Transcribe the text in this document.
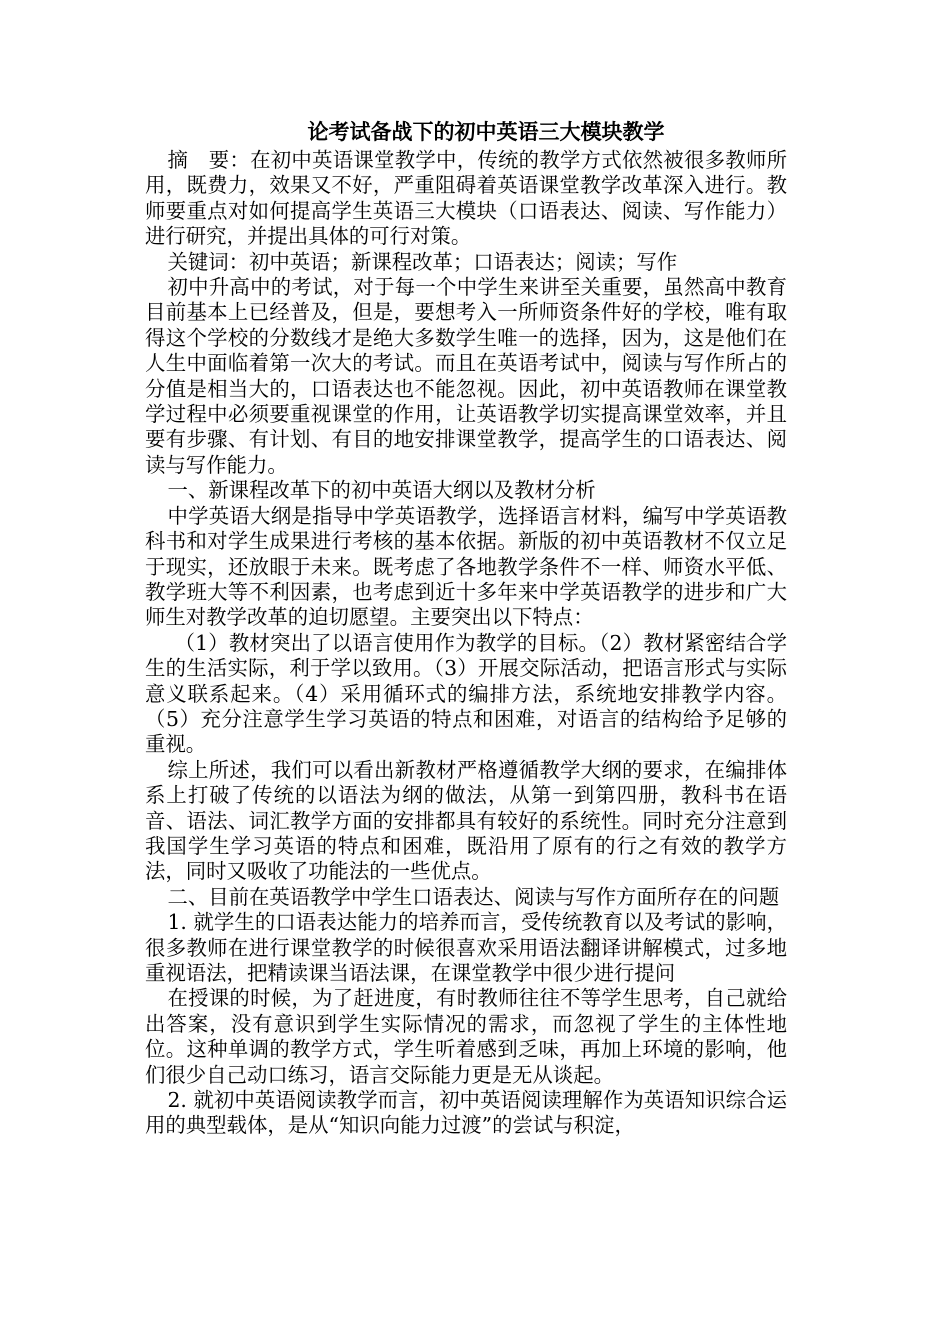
论考试备战下的初中英语三大模块教学

摘　要：在初中英语课堂教学中，传统的教学方式依然被很多教师所用，既费力，效果又不好，严重阻碍着英语课堂教学改革深入进行。教师要重点对如何提高学生英语三大模块（口语表达、阅读、写作能力）进行研究，并提出具体的可行对策。

关键词：初中英语；新课程改革；口语表达；阅读；写作

初中升高中的考试，对于每一个中学生来讲至关重要，虽然高中教育目前基本上已经普及，但是，要想考入一所师资条件好的学校，唯有取得这个学校的分数线才是绝大多数学生唯一的选择，因为，这是他们在人生中面临着第一次大的考试。而且在英语考试中，阅读与写作所占的分值是相当大的，口语表达也不能忽视。因此，初中英语教师在课堂教学过程中必须要重视课堂的作用，让英语教学切实提高课堂效率，并且要有步骤、有计划、有目的地安排课堂教学，提高学生的口语表达、阅读与写作能力。

一、新课程改革下的初中英语大纲以及教材分析

中学英语大纲是指导中学英语教学，选择语言材料，编写中学英语教科书和对学生成果进行考核的基本依据。新版的初中英语教材不仅立足于现实，还放眼于未来。既考虑了各地教学条件不一样、师资水平低、教学班大等不利因素，也考虑到近十多年来中学英语教学的进步和广大师生对教学改革的迫切愿望。主要突出以下特点：

（1）教材突出了以语言使用作为教学的目标。（2）教材紧密结合学生的生活实际，利于学以致用。（3）开展交际活动，把语言形式与实际意义联系起来。（4）采用循环式的编排方法，系统地安排教学内容。（5）充分注意学生学习英语的特点和困难，对语言的结构给予足够的重视。

综上所述，我们可以看出新教材严格遵循教学大纲的要求，在编排体系上打破了传统的以语法为纲的做法，从第一到第四册，教科书在语音、语法、词汇教学方面的安排都具有较好的系统性。同时充分注意到我国学生学习英语的特点和困难，既沿用了原有的行之有效的教学方法，同时又吸收了功能法的一些优点。

二、目前在英语教学中学生口语表达、阅读与写作方面所存在的问题

1. 就学生的口语表达能力的培养而言，受传统教育以及考试的影响，很多教师在进行课堂教学的时候很喜欢采用语法翻译讲解模式，过多地重视语法，把精读课当语法课，在课堂教学中很少进行提问

在授课的时候，为了赶进度，有时教师往往不等学生思考，自己就给出答案，没有意识到学生实际情况的需求，而忽视了学生的主体性地位。这种单调的教学方式，学生听着感到乏味，再加上环境的影响，他们很少自己动口练习，语言交际能力更是无从谈起。

2. 就初中英语阅读教学而言，初中英语阅读理解作为英语知识综合运用的典型载体，是从“知识向能力过渡”的尝试与积淀，
